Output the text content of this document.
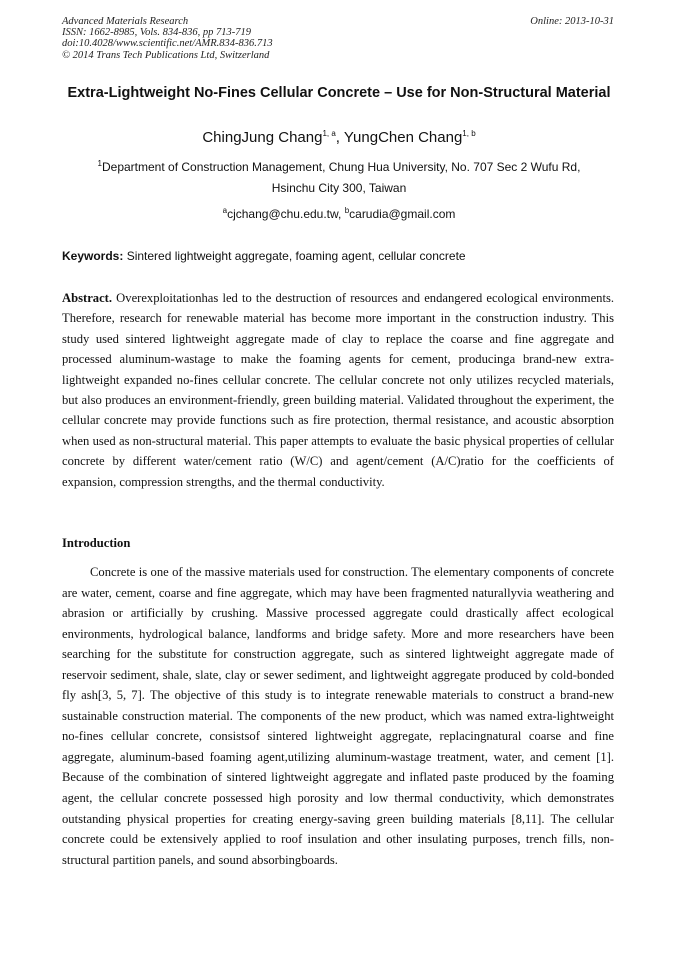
Advanced Materials Research
ISSN: 1662-8985, Vols. 834-836, pp 713-719
doi:10.4028/www.scientific.net/AMR.834-836.713
© 2014 Trans Tech Publications Ltd, Switzerland
Online: 2013-10-31
Extra-Lightweight No-Fines Cellular Concrete – Use for Non-Structural Material
ChingJung Chang$^{1, a}$, YungChen Chang$^{1, b}$
$^1$Department of Construction Management, Chung Hua University, No. 707 Sec 2 Wufu Rd,
Hsinchu City 300, Taiwan
$^a$cjchang@chu.edu.tw, $^b$carudia@gmail.com
Keywords: Sintered lightweight aggregate, foaming agent, cellular concrete
Abstract. Overexploitationhas led to the destruction of resources and endangered ecological environments. Therefore, research for renewable material has become more important in the construction industry. This study used sintered lightweight aggregate made of clay to replace the coarse and fine aggregate and processed aluminum-wastage to make the foaming agents for cement, producinga brand-new extra-lightweight expanded no-fines cellular concrete. The cellular concrete not only utilizes recycled materials, but also produces an environment-friendly, green building material. Validated throughout the experiment, the cellular concrete may provide functions such as fire protection, thermal resistance, and acoustic absorption when used as non-structural material. This paper attempts to evaluate the basic physical properties of cellular concrete by different water/cement ratio (W/C) and agent/cement (A/C)ratio for the coefficients of expansion, compression strengths, and the thermal conductivity.
Introduction
Concrete is one of the massive materials used for construction. The elementary components of concrete are water, cement, coarse and fine aggregate, which may have been fragmented naturallyvia weathering and abrasion or artificially by crushing. Massive processed aggregate could drastically affect ecological environments, hydrological balance, landforms and bridge safety. More and more researchers have been searching for the substitute for construction aggregate, such as sintered lightweight aggregate made of reservoir sediment, shale, slate, clay or sewer sediment, and lightweight aggregate produced by cold-bonded fly ash[3, 5, 7]. The objective of this study is to integrate renewable materials to construct a brand-new sustainable construction material. The components of the new product, which was named extra-lightweight no-fines cellular concrete, consistsof sintered lightweight aggregate, replacingnatural coarse and fine aggregate, aluminum-based foaming agent,utilizing aluminum-wastage treatment, water, and cement [1]. Because of the combination of sintered lightweight aggregate and inflated paste produced by the foaming agent, the cellular concrete possessed high porosity and low thermal conductivity, which demonstrates outstanding physical properties for creating energy-saving green building materials [8,11]. The cellular concrete could be extensively applied to roof insulation and other insulating purposes, trench fills, non-structural partition panels, and sound absorbingboards.
